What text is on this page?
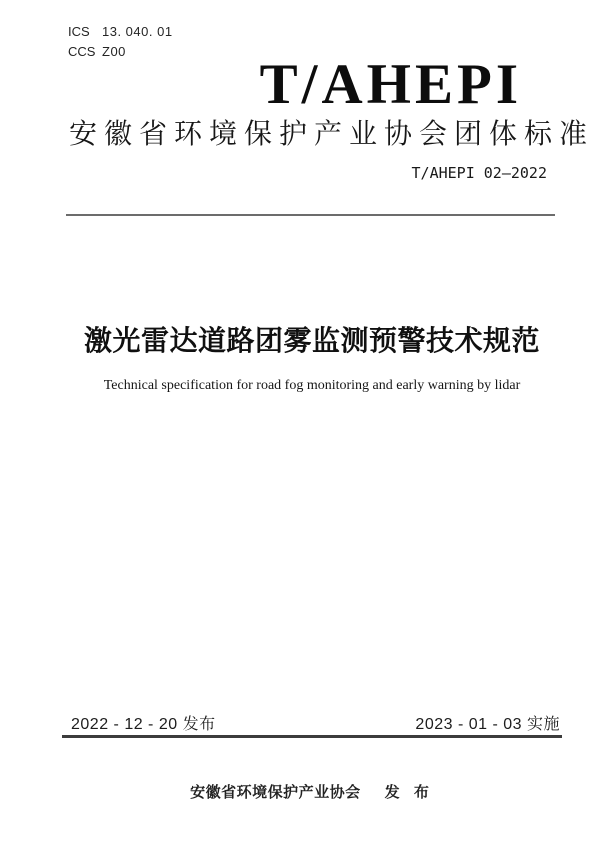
ICS 13. 040. 01
CCS Z00
T/AHEPI
安徽省环境保护产业协会团体标准
T/AHEPI 02—2022
激光雷达道路团雾监测预警技术规范
Technical specification for road fog monitoring and early warning by lidar
2022 - 12 - 20 发布	2023 - 01 - 03 实施
安徽省环境保护产业协会 发 布
